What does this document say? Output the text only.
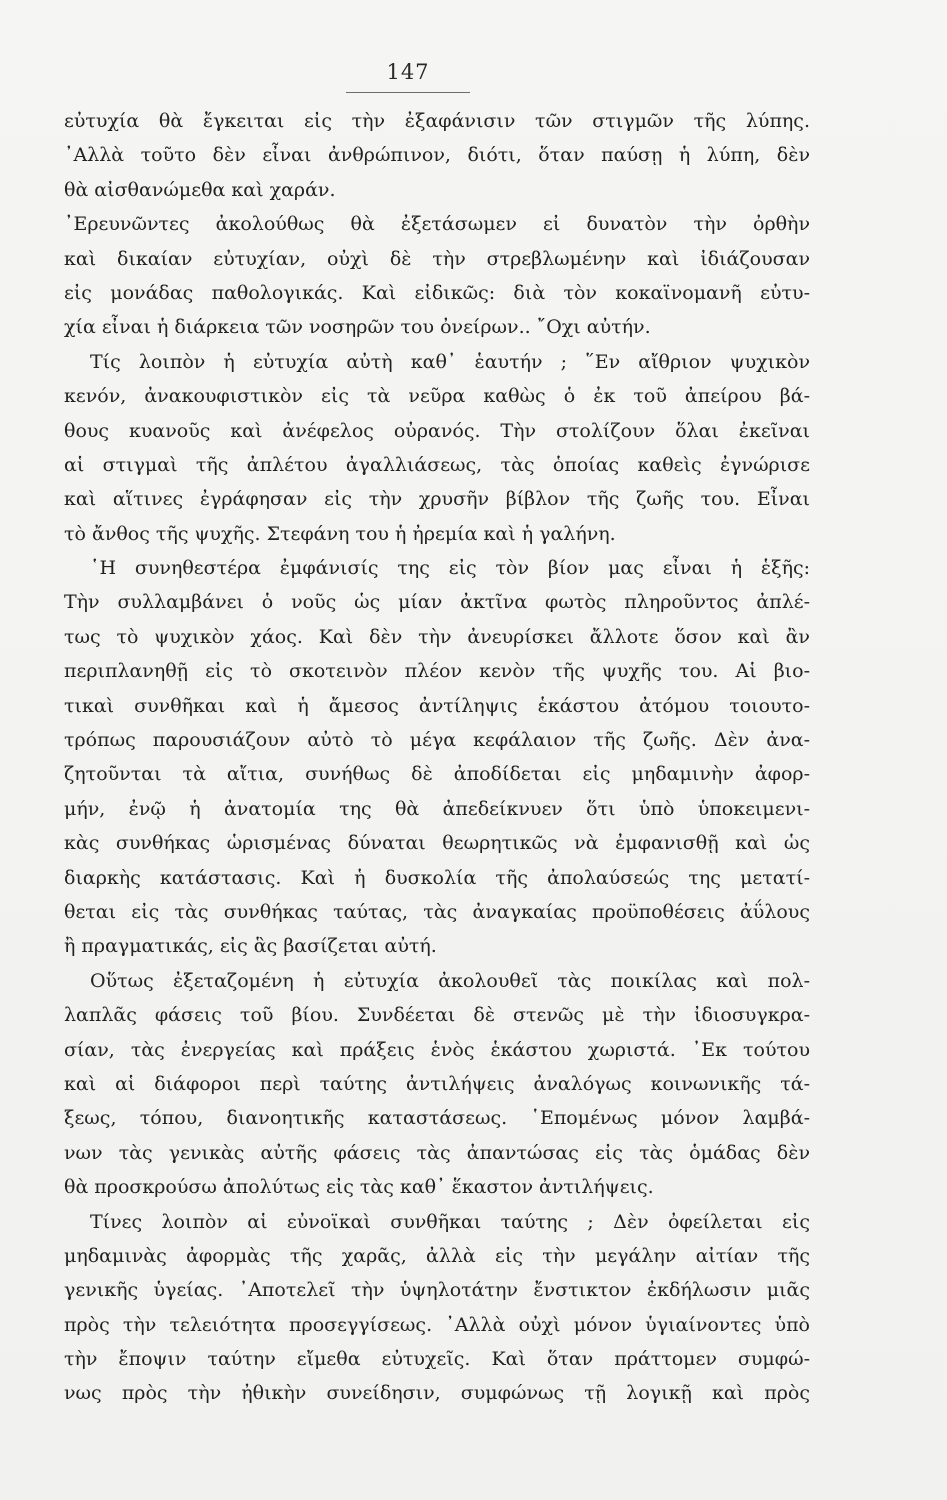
147
εὐτυχία θὰ ἔγκειται εἰς τὴν ἐξαφάνισιν τῶν στιγμῶν τῆς λύπης.
᾿Αλλὰ τοῦτο δὲν εἶναι ἀνθρώπινον, διότι, ὅταν παύσῃ ἡ λύπη, δὲν
θὰ αἰσθανώμεθα καὶ χαράν.
᾿Ερευνῶντες ἀκολούθως θὰ ἐξετάσωμεν εἰ δυνατὸν τὴν ὀρθὴν
καὶ δικαίαν εὐτυχίαν, οὐχὶ δὲ τὴν στρεβλωμένην καὶ ἰδιάζουσαν
εἰς μονάδας παθολογικάς. Καὶ εἰδικῶς: διὰ τὸν κοκαϊνομανῆ εὐτυ-
χία εἶναι ἡ διάρκεια τῶν νοσηρῶν του ὀνείρων.. ῎Οχι αὐτήν.
Τίς λοιπὸν ἡ εὐτυχία αὐτὴ καθ᾿ ἑαυτήν ; ῞Εν αἴθριον ψυχικὸν
κενόν, ἀνακουφιστικὸν εἰς τὰ νεῦρα καθὼς ὁ ἐκ τοῦ ἀπείρου βά-
θους κυανοῦς καὶ ἀνέφελος οὐρανός. Τὴν στολίζουν ὅλαι ἐκεῖναι
αἱ στιγμαὶ τῆς ἀπλέτου ἀγαλλιάσεως, τὰς ὁποίας καθεὶς ἐγνώρισε
καὶ αἵτινες ἐγράφησαν εἰς τὴν χρυσῆν βίβλον τῆς ζωῆς του. Εἶναι
τὸ ἄνθος τῆς ψυχῆς. Στεφάνη του ἡ ἠρεμία καὶ ἡ γαλήνη.
῾Η συνηθεστέρα ἐμφάνισίς της εἰς τὸν βίον μας εἶναι ἡ ἑξῆς:
Τὴν συλλαμβάνει ὁ νοῦς ὡς μίαν ἀκτῖνα φωτὸς πληροῦντος ἀπλέ-
τως τὸ ψυχικὸν χάος. Καὶ δὲν τὴν ἀνευρίσκει ἄλλοτε ὅσον καὶ ἂν
περιπλανηθῇ εἰς τὸ σκοτεινὸν πλέον κενὸν τῆς ψυχῆς του. Αἱ βιο-
τικαὶ συνθῆκαι καὶ ἡ ἄμεσος ἀντίληψις ἑκάστου ἀτόμου τοιουτο-
τρόπως παρουσιάζουν αὐτὸ τὸ μέγα κεφάλαιον τῆς ζωῆς. Δὲν ἀνα-
ζητοῦνται τὰ αἴτια, συνήθως δὲ ἀποδίδεται εἰς μηδαμινὴν ἀφορ-
μήν, ἐνῷ ἡ ἀνατομία της θὰ ἀπεδείκνυεν ὅτι ὑπὸ ὑποκειμενι-
κὰς συνθήκας ὡρισμένας δύναται θεωρητικῶς νὰ ἐμφανισθῇ καὶ ὡς
διαρκὴς κατάστασις. Καὶ ἡ δυσκολία τῆς ἀπολαύσεώς της μετατί-
θεται εἰς τὰς συνθήκας ταύτας, τὰς ἀναγκαίας προϋποθέσεις ἀΰλους
ἢ πραγματικάς, εἰς ἃς βασίζεται αὐτή.
Οὕτως ἐξεταζομένη ἡ εὐτυχία ἀκολουθεῖ τὰς ποικίλας καὶ πολ-
λαπλᾶς φάσεις τοῦ βίου. Συνδέεται δὲ στενῶς μὲ τὴν ἰδιοσυγκρα-
σίαν, τὰς ἐνεργείας καὶ πράξεις ἑνὸς ἑκάστου χωριστά. ᾿Εκ τούτου
καὶ αἱ διάφοροι περὶ ταύτης ἀντιλήψεις ἀναλόγως κοινωνικῆς τά-
ξεως, τόπου, διανοητικῆς καταστάσεως. ῾Επομένως μόνον λαμβά-
νων τὰς γενικὰς αὐτῆς φάσεις τὰς ἀπαντώσας εἰς τὰς ὁμάδας δὲν
θὰ προσκρούσω ἀπολύτως εἰς τὰς καθ᾿ ἕκαστον ἀντιλήψεις.
Τίνες λοιπὸν αἱ εὐνοϊκαὶ συνθῆκαι ταύτης ; Δὲν ὀφείλεται εἰς
μηδαμινὰς ἀφορμὰς τῆς χαρᾶς, ἀλλὰ εἰς τὴν μεγάλην αἰτίαν τῆς
γενικῆς ὑγείας. ᾿Αποτελεῖ τὴν ὑψηλοτάτην ἔνστικτον ἐκδήλωσιν μιᾶς
πρὸς τὴν τελειότητα προσεγγίσεως. ᾿Αλλὰ οὐχὶ μόνον ὑγιαίνοντες ὑπὸ
τὴν ἔποψιν ταύτην εἴμεθα εὐτυχεῖς. Καὶ ὅταν πράττομεν συμφώ-
νως πρὸς τὴν ἠθικὴν συνείδησιν, συμφώνως τῇ λογικῇ καὶ πρὸς
